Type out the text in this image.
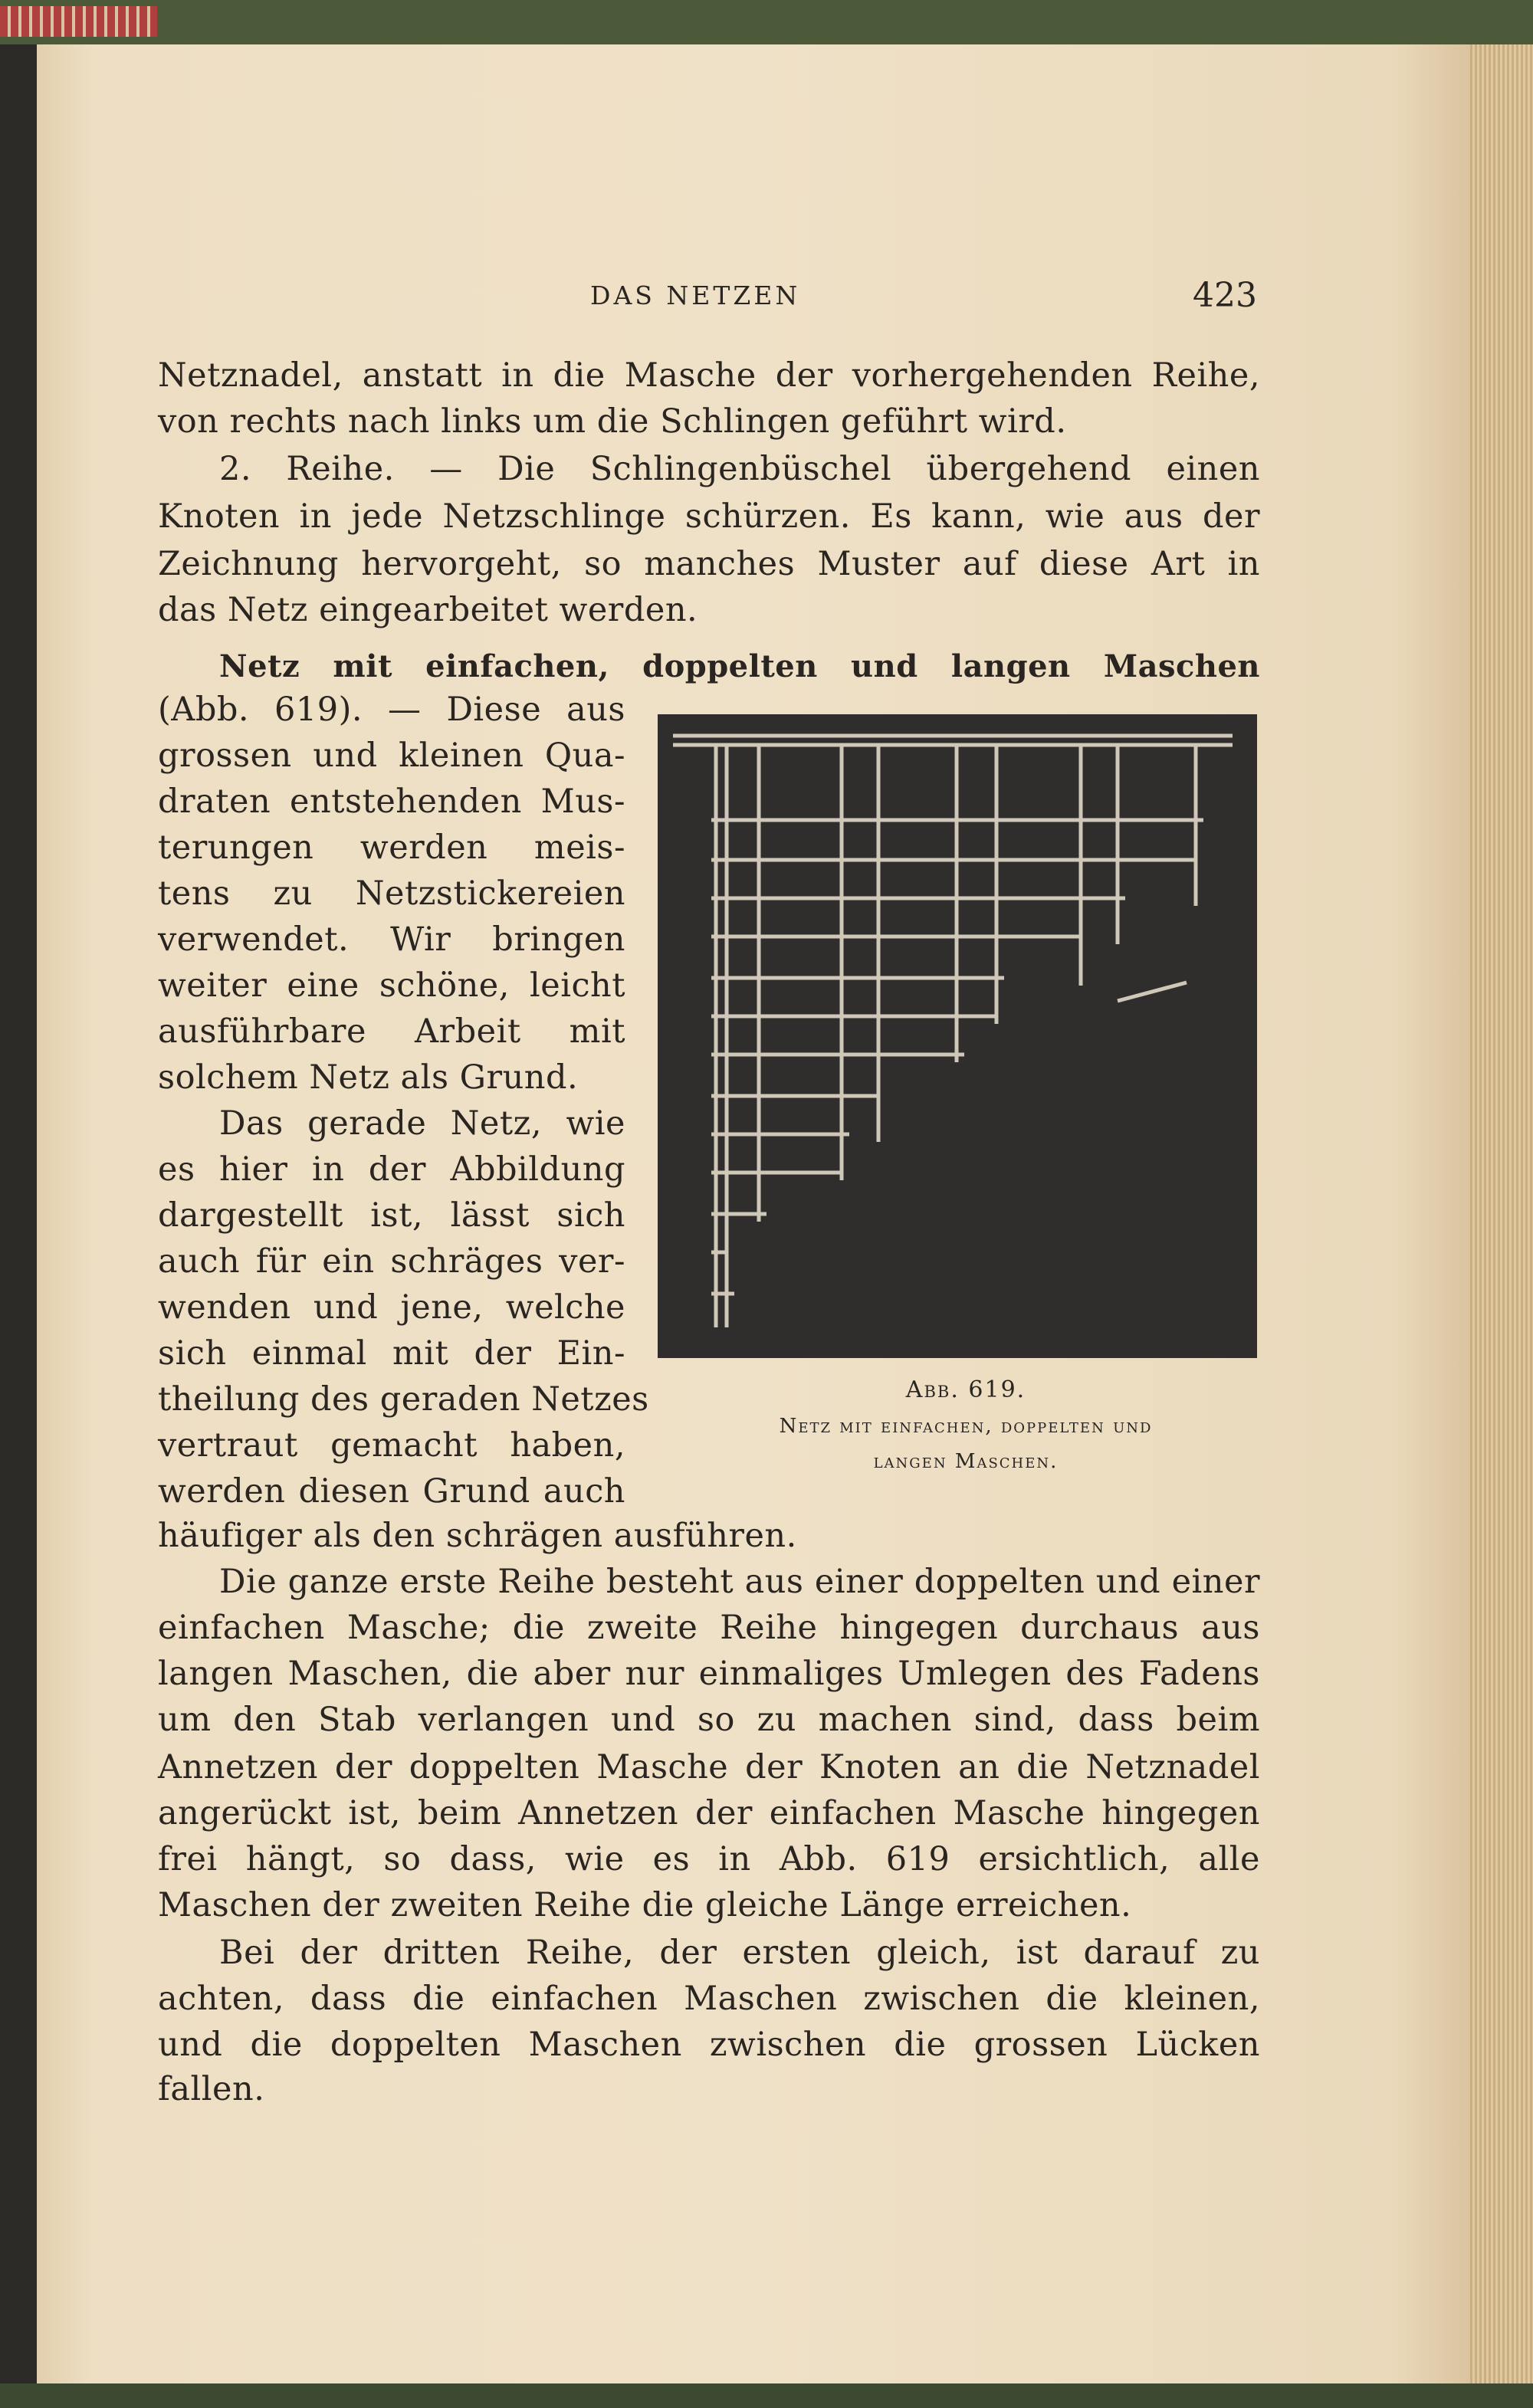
DAS NETZEN	423
Netznadel, anstatt in die Masche der vorhergehenden Reihe,
von rechts nach links um die Schlingen geführt wird.
2. Reihe. — Die Schlingenbüschel übergehend einen
Knoten in jede Netzschlinge schürzen. Es kann, wie aus der
Zeichnung hervorgeht, so manches Muster auf diese Art in
das Netz eingearbeitet werden.
Netz mit einfachen, doppelten und langen Maschen
(Abb. 619). — Diese aus
grossen und kleinen Qua-
draten entstehenden Mus-
terungen werden meis-
tens zu Netzstickereien
verwendet. Wir bringen
weiter eine schöne, leicht
ausführbare Arbeit mit
solchem Netz als Grund.
Das gerade Netz, wie
es hier in der Abbildung
dargestellt ist, lässt sich
auch für ein schräges ver-
wenden und jene, welche
sich einmal mit der Ein-
theilung des geraden Netzes
vertraut gemacht haben,
werden diesen Grund auch
häufiger als den schrägen ausführen.
Die ganze erste Reihe besteht aus einer doppelten und einer
einfachen Masche; die zweite Reihe hingegen durchaus aus
langen Maschen, die aber nur einmaliges Umlegen des Fadens
um den Stab verlangen und so zu machen sind, dass beim
Annetzen der doppelten Masche der Knoten an die Netznadel
angerückt ist, beim Annetzen der einfachen Masche hingegen
frei hängt, so dass, wie es in Abb. 619 ersichtlich, alle
Maschen der zweiten Reihe die gleiche Länge erreichen.
Bei der dritten Reihe, der ersten gleich, ist darauf zu
achten, dass die einfachen Maschen zwischen die kleinen,
und die doppelten Maschen zwischen die grossen Lücken
fallen.
Abb. 619.
Netz mit einfachen, doppelten und
langen Maschen.
